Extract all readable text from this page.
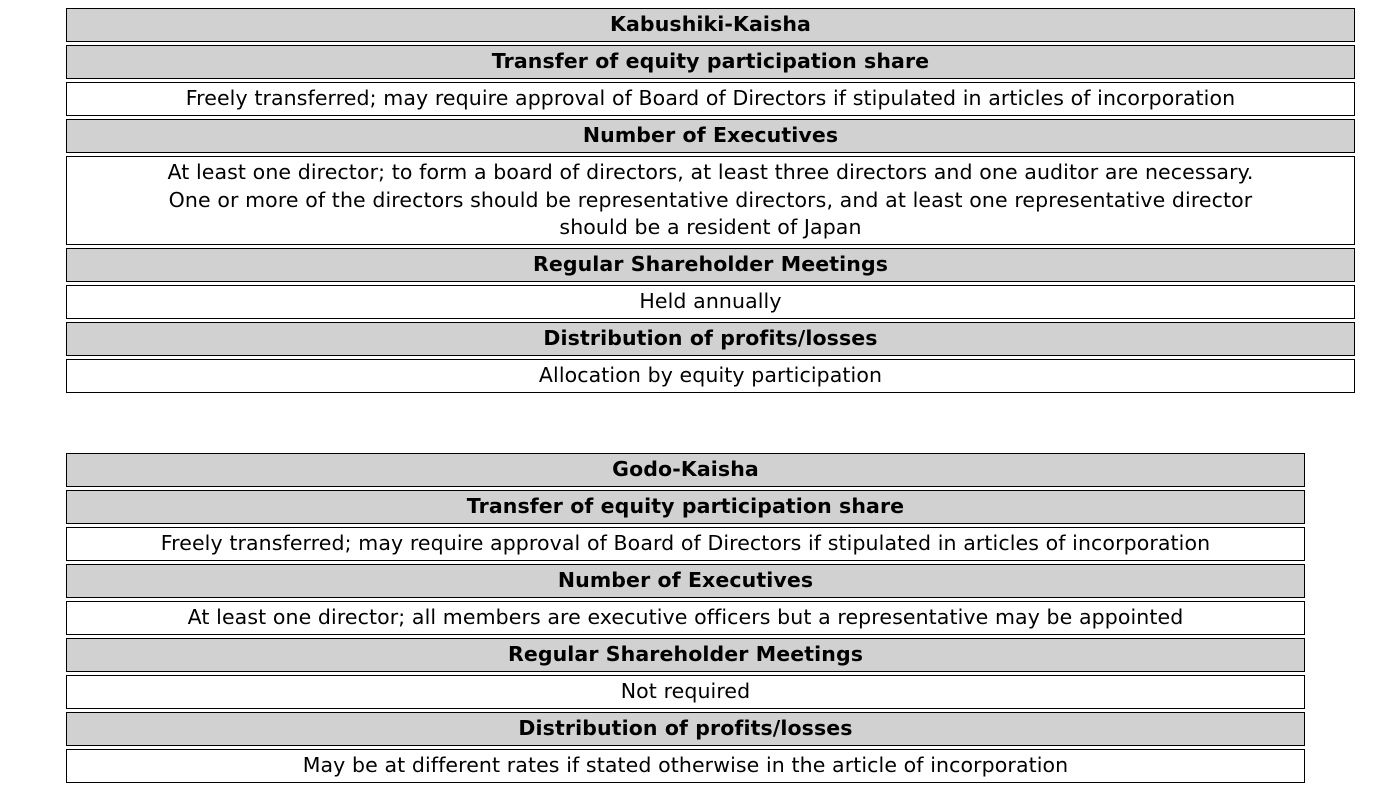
Kabushiki-Kaisha
Transfer of equity participation share
Freely transferred; may require approval of Board of Directors if stipulated in articles of incorporation
Number of Executives
At least one director; to form a board of directors, at least three directors and one auditor are necessary.
One or more of the directors should be representative directors, and at least one representative director
should be a resident of Japan
Regular Shareholder Meetings
Held annually
Distribution of profits/losses
Allocation by equity participation
Godo-Kaisha
Transfer of equity participation share
Freely transferred; may require approval of Board of Directors if stipulated in articles of incorporation
Number of Executives
At least one director; all members are executive officers but a representative may be appointed
Regular Shareholder Meetings
Not required
Distribution of profits/losses
May be at different rates if stated otherwise in the article of incorporation
